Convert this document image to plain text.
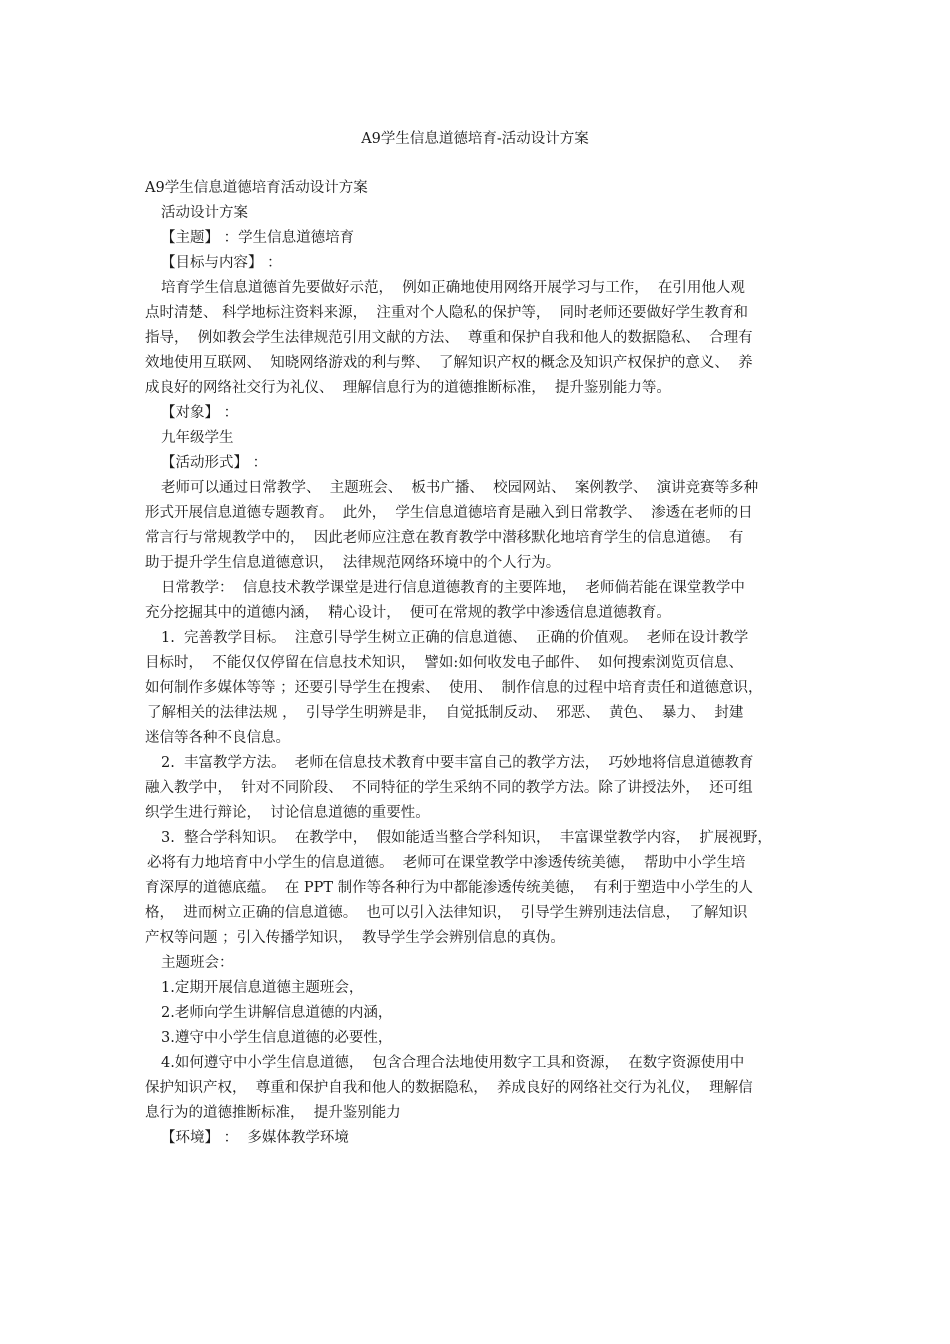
A9学生信息道德培育-活动设计方案
A9学生信息道德培育活动设计方案
活动设计方案
【主题】 ：学生信息道德培育
【目标与内容】 ：
培育学生信息道德首先要做好示范，  例如正确地使用网络开展学习与工作，  在引用他人观
点时清楚、 科学地标注资料来源，  注重对个人隐私的保护等，  同时老师还要做好学生教育和
指导，  例如教会学生法律规范引用文献的方法、  尊重和保护自我和他人的数据隐私、  合理有
效地使用互联网、  知晓网络游戏的利与弊、  了解知识产权的概念及知识产权保护的意义、  养
成良好的网络社交行为礼仪、  理解信息行为的道德推断标准，  提升鉴别能力等。
【对象】 ：
九年级学生
【活动形式】 ：
老师可以通过日常教学、  主题班会、  板书广播、  校园网站、  案例教学、  演讲竞赛等多种
形式开展信息道德专题教育。  此外，  学生信息道德培育是融入到日常教学、  渗透在老师的日
常言行与常规教学中的，  因此老师应注意在教育教学中潜移默化地培育学生的信息道德。  有
助于提升学生信息道德意识，  法律规范网络环境中的个人行为。
日常教学：  信息技术教学课堂是进行信息道德教育的主要阵地，  老师倘若能在课堂教学中
充分挖掘其中的道德内涵，  精心设计，  便可在常规的教学中渗透信息道德教育。
1.  完善教学目标。  注意引导学生树立正确的信息道德、  正确的价值观。  老师在设计教学
目标时，  不能仅仅停留在信息技术知识，  譬如:如何收发电子邮件、  如何搜索浏览页信息、
如何制作多媒体等等 ；还要引导学生在搜索、  使用、  制作信息的过程中培育责任和道德意识，
了解相关的法律法规 ，  引导学生明辨是非，  自觉抵制反动、  邪恶、  黄色、  暴力、  封建
迷信等各种不良信息。
2.  丰富教学方法。  老师在信息技术教育中要丰富自己的教学方法，  巧妙地将信息道德教育
融入教学中，  针对不同阶段、  不同特征的学生采纳不同的教学方法。除了讲授法外，  还可组
织学生进行辩论，  讨论信息道德的重要性。
3.  整合学科知识。  在教学中，  假如能适当整合学科知识，  丰富课堂教学内容，  扩展视野，
必将有力地培育中小学生的信息道德。  老师可在课堂教学中渗透传统美德，  帮助中小学生培
育深厚的道德底蕴。  在 PPT 制作等各种行为中都能渗透传统美德，  有利于塑造中小学生的人
格，  进而树立正确的信息道德。  也可以引入法律知识，  引导学生辨别违法信息，  了解知识
产权等问题 ；引入传播学知识，  教导学生学会辨别信息的真伪。
主题班会：
1.定期开展信息道德主题班会，
2.老师向学生讲解信息道德的内涵，
3.遵守中小学生信息道德的必要性，
4.如何遵守中小学生信息道德，  包含合理合法地使用数字工具和资源，  在数字资源使用中
保护知识产权，  尊重和保护自我和他人的数据隐私，  养成良好的网络社交行为礼仪，  理解信
息行为的道德推断标准，  提升鉴别能力
【环境】 ：  多媒体教学环境
